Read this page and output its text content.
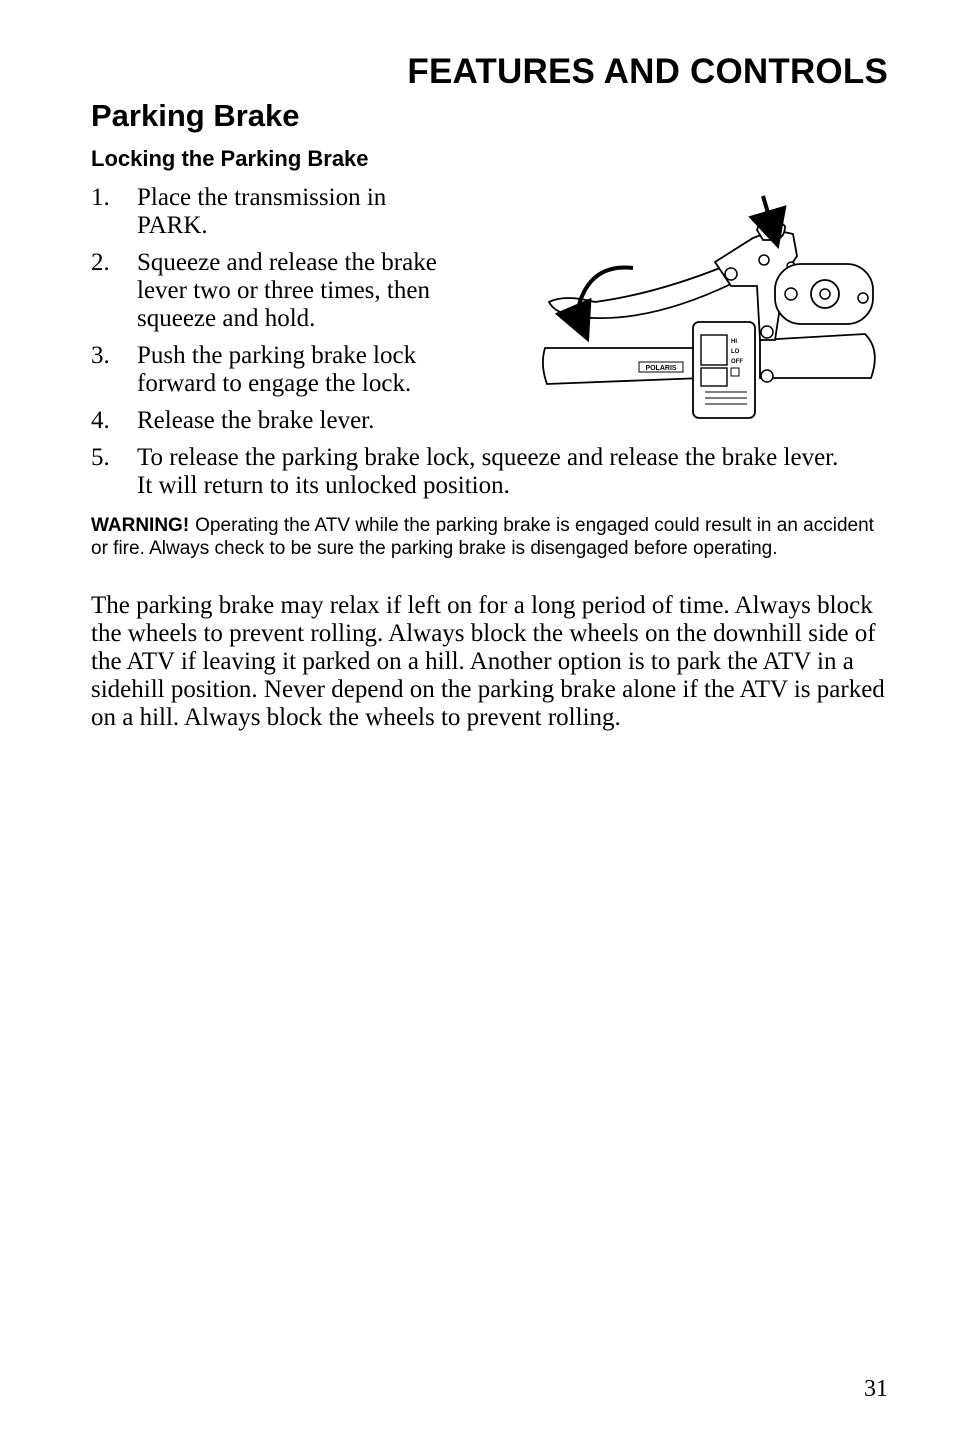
FEATURES AND CONTROLS
Parking Brake
Locking the Parking Brake
1.	Place the transmission in PARK.
2.	Squeeze and release the brake lever two or three times, then squeeze and hold.
3.	Push the parking brake lock forward to engage the lock.
4.	Release the brake lever.
5.	To release the parking brake lock, squeeze and release the brake lever. It will return to its unlocked position.

WARNING! Operating the ATV while the parking brake is engaged could result in an accident or fire. Always check to be sure the parking brake is disengaged before operating.

The parking brake may relax if left on for a long period of time. Always block the wheels to prevent rolling. Always block the wheels on the downhill side of the ATV if leaving it parked on a hill. Another option is to park the ATV in a sidehill position. Never depend on the parking brake alone if the ATV is parked on a hill. Always block the wheels to prevent rolling.

HI
LO
OFF
POLARIS

31
